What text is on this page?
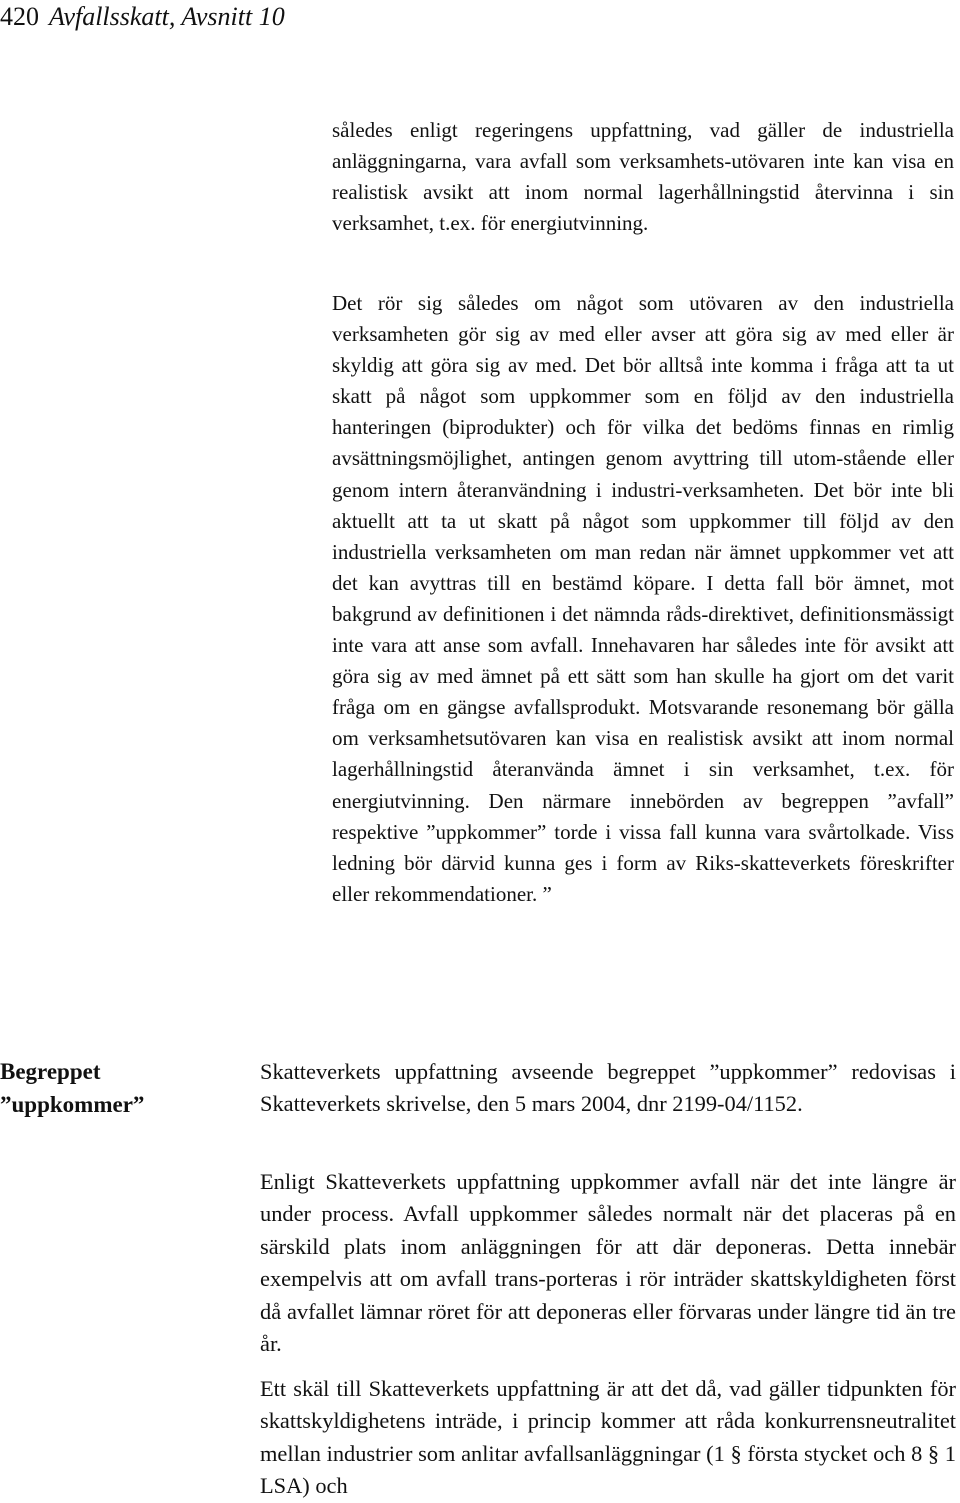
420 Avfallsskatt, Avsnitt 10

således enligt regeringens uppfattning, vad gäller de industriella anläggningarna, vara avfall som verksamhets-utövaren inte kan visa en realistisk avsikt att inom normal lagerhållningstid återvinna i sin verksamhet, t.ex. för energiutvinning.

Det rör sig således om något som utövaren av den industriella verksamheten gör sig av med eller avser att göra sig av med eller är skyldig att göra sig av med. Det bör alltså inte komma i fråga att ta ut skatt på något som uppkommer som en följd av den industriella hanteringen (biprodukter) och för vilka det bedöms finnas en rimlig avsättningsmöjlighet, antingen genom avyttring till utom-stående eller genom intern återanvändning i industri-verksamheten. Det bör inte bli aktuellt att ta ut skatt på något som uppkommer till följd av den industriella verksamheten om man redan när ämnet uppkommer vet att det kan avyttras till en bestämd köpare. I detta fall bör ämnet, mot bakgrund av definitionen i det nämnda råds-direktivet, definitionsmässigt inte vara att anse som avfall. Innehavaren har således inte för avsikt att göra sig av med ämnet på ett sätt som han skulle ha gjort om det varit fråga om en gängse avfallsprodukt. Motsvarande resonemang bör gälla om verksamhetsutövaren kan visa en realistisk avsikt att inom normal lagerhållningstid återanvända ämnet i sin verksamhet, t.ex. för energiutvinning. Den närmare innebörden av begreppen ”avfall” respektive ”uppkommer” torde i vissa fall kunna vara svårtolkade. Viss ledning bör därvid kunna ges i form av Riks-skatteverkets föreskrifter eller rekommendationer. ”

Begreppet
”uppkommer”

Skatteverkets uppfattning avseende begreppet ”uppkommer” redovisas i Skatteverkets skrivelse, den 5 mars 2004, dnr 2199-04/1152.

Enligt Skatteverkets uppfattning uppkommer avfall när det inte längre är under process. Avfall uppkommer således normalt när det placeras på en särskild plats inom anläggningen för att där deponeras. Detta innebär exempelvis att om avfall trans-porteras i rör inträder skattskyldigheten först då avfallet lämnar röret för att deponeras eller förvaras under längre tid än tre år.

Ett skäl till Skatteverkets uppfattning är att det då, vad gäller tidpunkten för skattskyldighetens inträde, i princip kommer att råda konkurrensneutralitet mellan industrier som anlitar avfallsanläggningar (1 § första stycket och 8 § 1 LSA) och
